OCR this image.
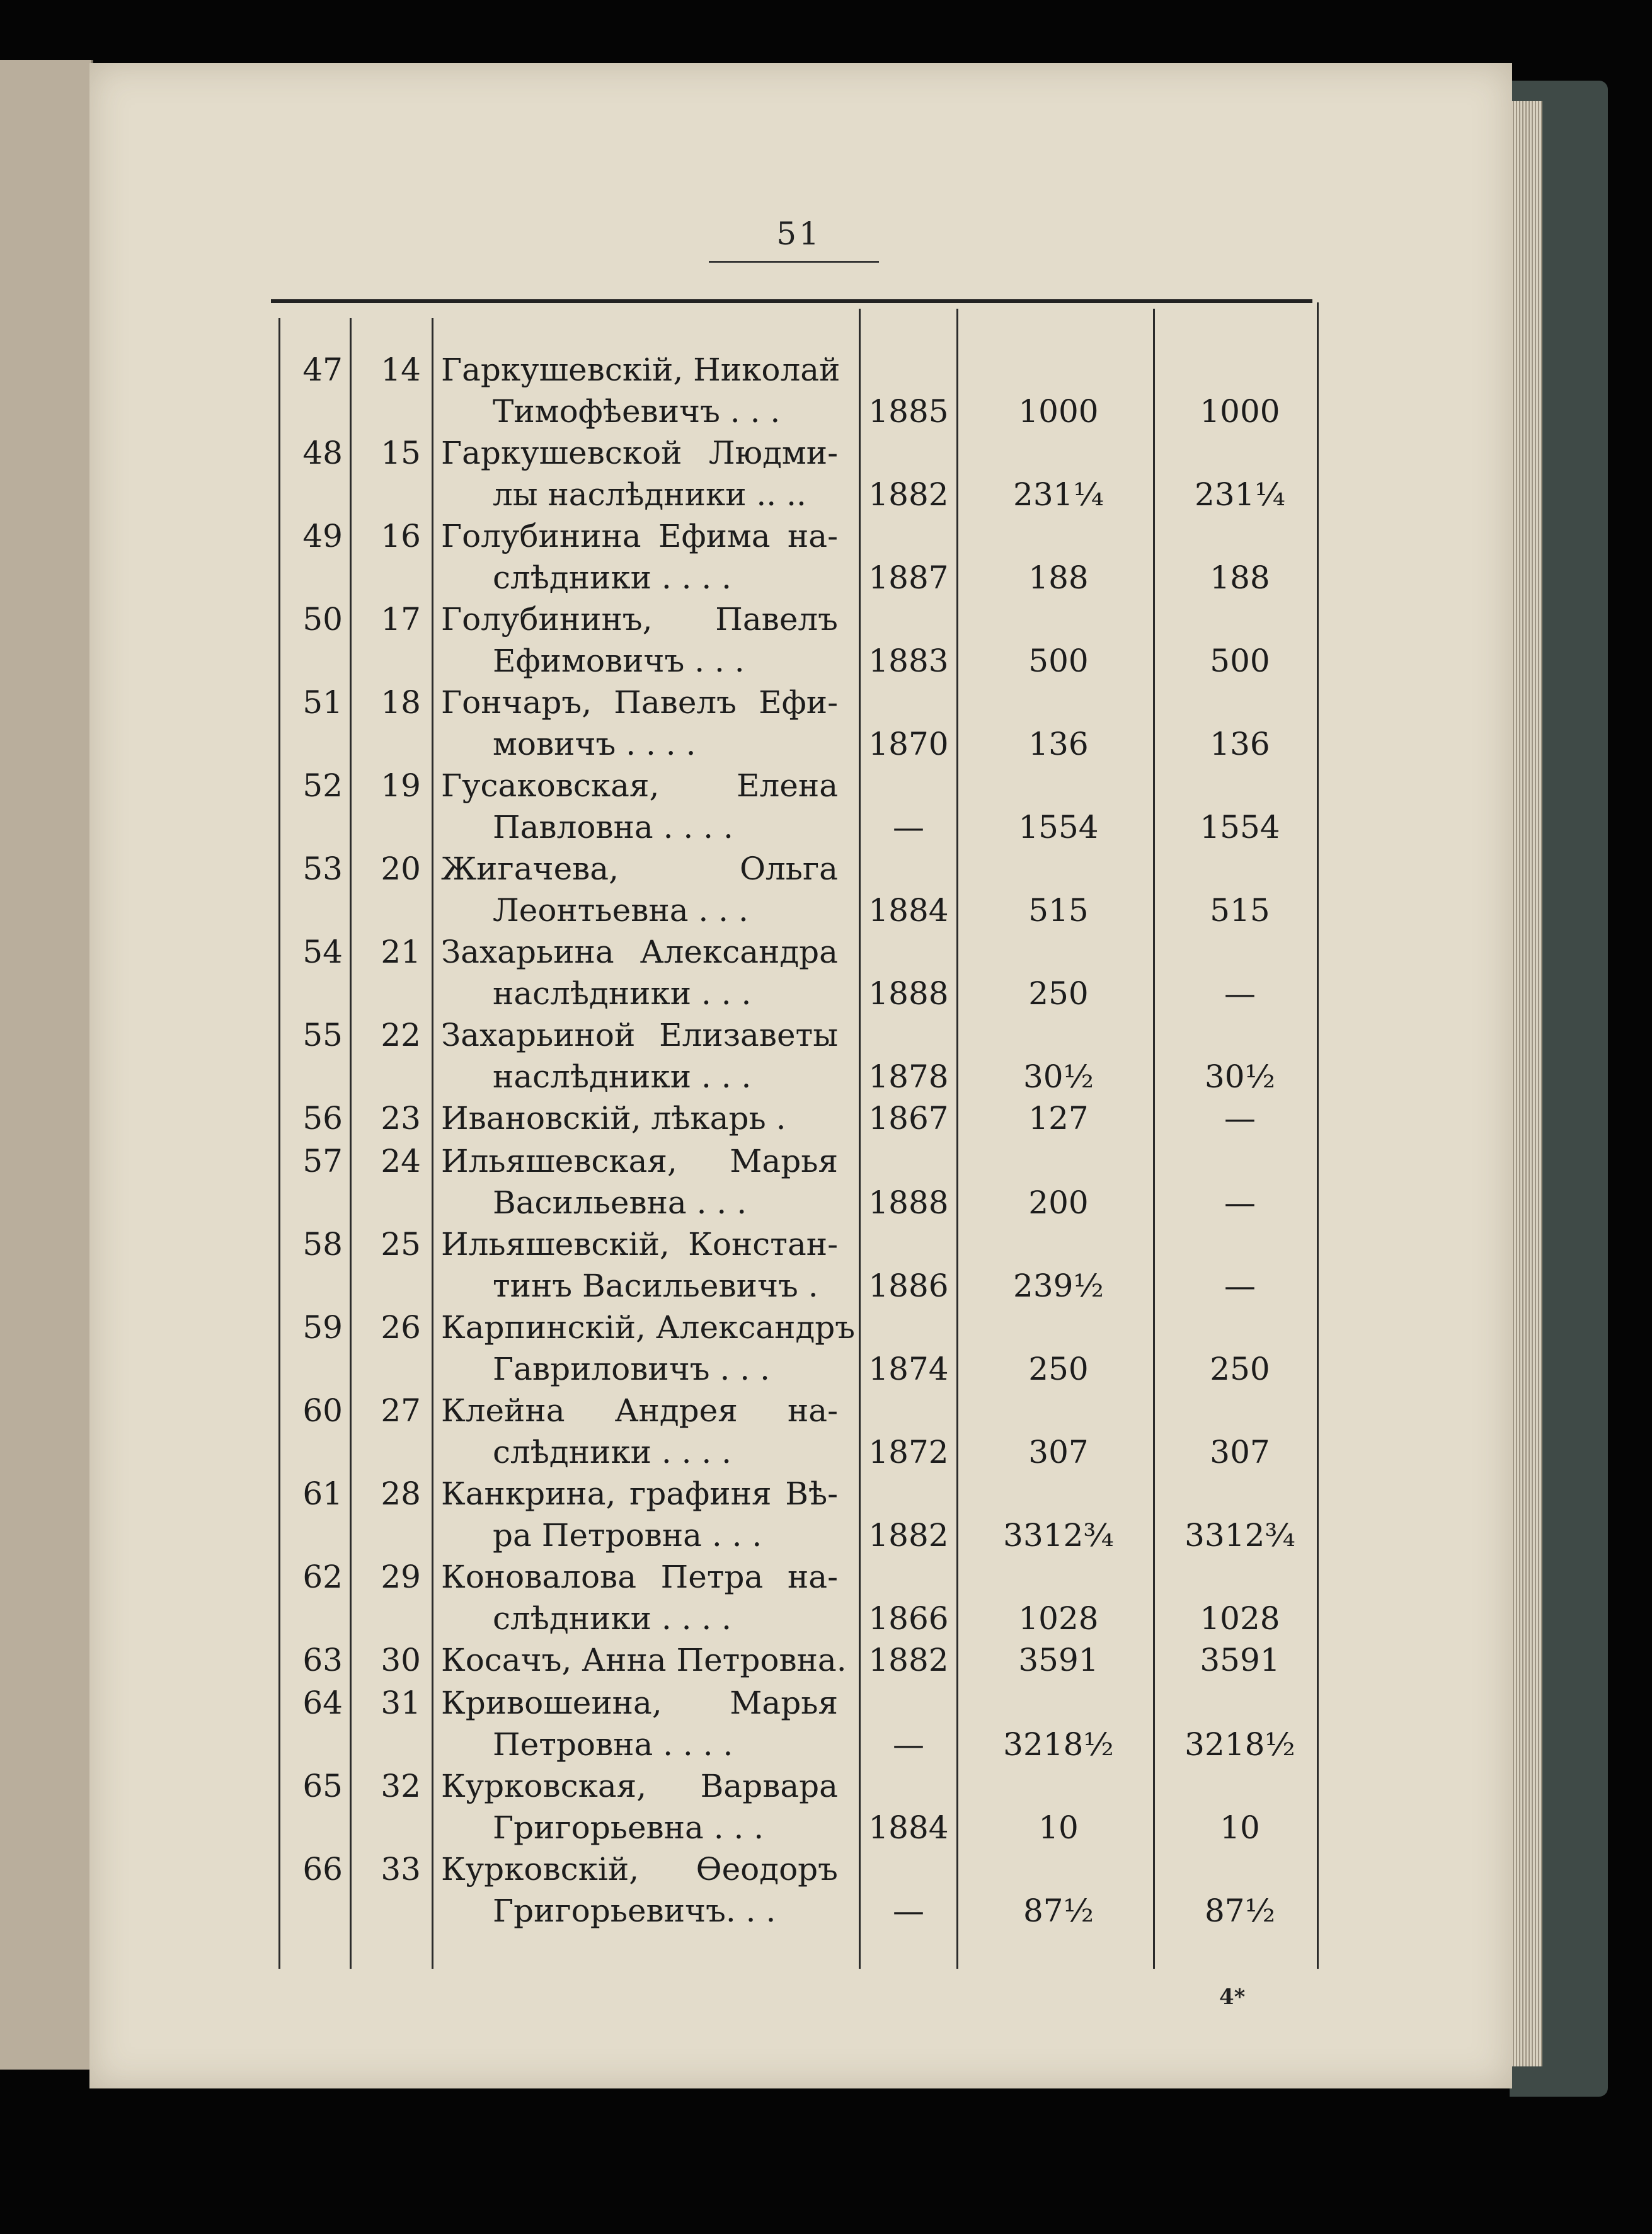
51
47	14 Гаркушевскій, Николай
Тимофѣевичъ . . .	1885	1000	1000
48	15 Гаркушевской Людми-
лы наслѣдники .. ..	1882	231¼	231¼
49	16 Голубинина Ефима на-
слѣдники . . . .	1887	188	188
50	17 Голубининъ, Павелъ
Ефимовичъ . . .	1883	500	500
51	18 Гончаръ, Павелъ Ефи-
мовичъ . . . .	1870	136	136
52	19 Гусаковская, Елена
Павловна . . . .	—	1554	1554
53	20 Жигачева, Ольга
Леонтьевна . . .	1884	515	515
54	21 Захарьина Александра
наслѣдники . . .	1888	250	—
55	22 Захарьиной Елизаветы
наслѣдники . . .	1878	30½	30½
56	23 Ивановскій, лѣкарь .	1867	127	—
57	24 Ильяшевская, Марья
Васильевна . . .	1888	200	—
58	25 Ильяшевскій, Констан-
тинъ Васильевичъ .	1886	239½	—
59	26 Карпинскій, Александръ
Гавриловичъ . . .	1874	250	250
60	27 Клейна Андрея на-
слѣдники . . . .	1872	307	307
61	28 Канкрина, графиня Вѣ-
ра Петровна . . .	1882	3312¾	3312¾
62	29 Коновалова Петра на-
слѣдники . . . .	1866	1028	1028
63	30 Косачъ, Анна Петровна. 1882	3591	3591
64	31 Кривошеина, Марья
Петровна . . . .	—	3218½	3218½
65	32 Курковская, Варвара
Григорьевна . . .	1884	10	10
66	33 Курковскій, Ѳеодоръ
Григорьевичъ. . .	—	87½	87½
4*
